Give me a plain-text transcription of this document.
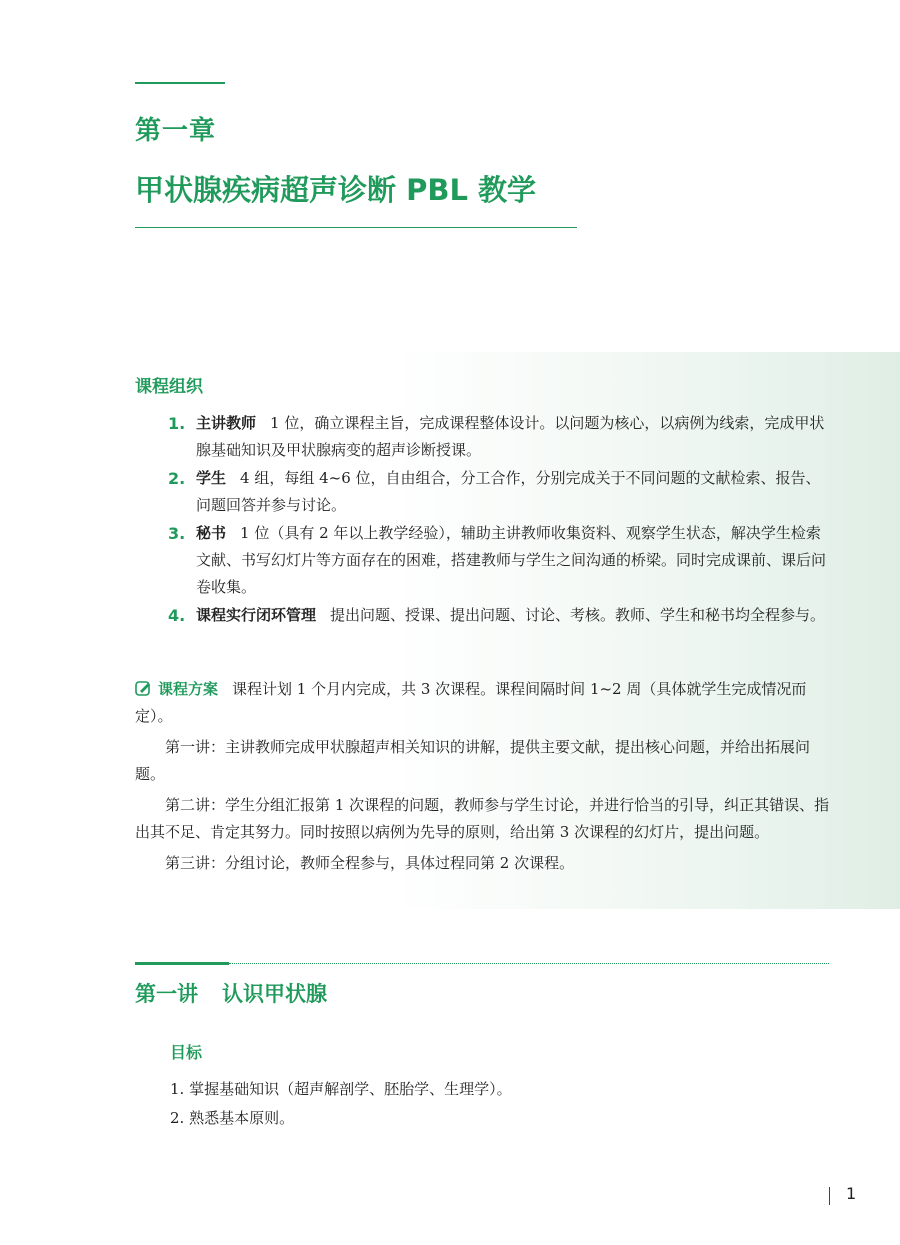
第一章
甲状腺疾病超声诊断 PBL 教学
课程组织
1. 主讲教师 1 位，确立课程主旨，完成课程整体设计。以问题为核心，以病例为线索，完成甲状腺基础知识及甲状腺病变的超声诊断授课。
2. 学生 4 组，每组 4~6 位，自由组合，分工合作，分别完成关于不同问题的文献检索、报告、问题回答并参与讨论。
3. 秘书 1 位（具有 2 年以上教学经验），辅助主讲教师收集资料、观察学生状态，解决学生检索文献、书写幻灯片等方面存在的困难，搭建教师与学生之间沟通的桥梁。同时完成课前、课后问卷收集。
4. 课程实行闭环管理 提出问题、授课、提出问题、讨论、考核。教师、学生和秘书均全程参与。

课程方案 课程计划 1 个月内完成，共 3 次课程。课程间隔时间 1~2 周（具体就学生完成情况而定）。

第一讲：主讲教师完成甲状腺超声相关知识的讲解，提供主要文献，提出核心问题，并给出拓展问题。

第二讲：学生分组汇报第 1 次课程的问题，教师参与学生讨论，并进行恰当的引导，纠正其错误、指出其不足、肯定其努力。同时按照以病例为先导的原则，给出第 3 次课程的幻灯片，提出问题。

第三讲：分组讨论，教师全程参与，具体过程同第 2 次课程。

第一讲 认识甲状腺
目标
1. 掌握基础知识（超声解剖学、胚胎学、生理学）。
2. 熟悉基本原则。
1
